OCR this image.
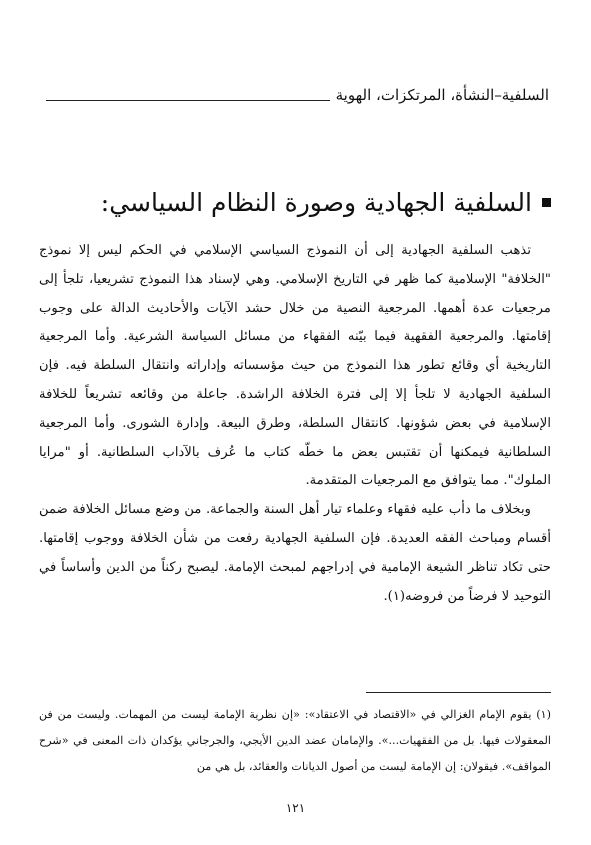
السلفية–النشأة، المرتكزات، الهوية
السلفية الجهادية وصورة النظام السياسي:

تذهب السلفية الجهادية إلى أن النموذج السياسي الإسلامي في الحكم ليس إلا نموذج "الخلافة" الإسلامية كما ظهر في التاريخ الإسلامي. وهي لإسناد هذا النموذج تشريعيا، تلجأ إلى مرجعيات عدة أهمها. المرجعية النصية من خلال حشد الآيات والأحاديث الدالة على وجوب إقامتها. والمرجعية الفقهية فيما بيّنه الفقهاء من مسائل السياسة الشرعية. وأما المرجعية التاريخية أي وقائع تطور هذا النموذج من حيث مؤسساته وإداراته وانتقال السلطة فيه. فإن السلفية الجهادية لا تلجأ إلا إلى فترة الخلافة الراشدة. جاعلة من وقائعه تشريعاً للخلافة الإسلامية في بعض شؤونها. كانتقال السلطة، وطرق البيعة. وإدارة الشورى. وأما المرجعية السلطانية فيمكنها أن تقتبس بعض ما خطّه كتاب ما عُرف بالآداب السلطانية. أو "مرايا الملوك". مما يتوافق مع المرجعيات المتقدمة.

وبخلاف ما دأب عليه فقهاء وعلماء تيار أهل السنة والجماعة. من وضع مسائل الخلافة ضمن أقسام ومباحث الفقه العديدة. فإن السلفية الجهادية رفعت من شأن الخلافة ووجوب إقامتها. حتى تكاد تناظر الشيعة الإمامية في إدراجهم لمبحث الإمامة. ليصبح ركناً من الدين وأساساً في التوحيد لا فرضاً من فروضه(١).

(١) يقوم الإمام الغزالي في «الاقتصاد في الاعتقاد»: «إن نظرية الإمامة ليست من المهمات. وليست من فن المعقولات فيها. بل من الفقهيات...». والإمامان عضد الدين الأيجي، والجرجاني يؤكدان ذات المعنى في «شرح المواقف». فيقولان: إن الإمامة ليست من أصول الديانات والعقائد، بل هي من

١٢١
